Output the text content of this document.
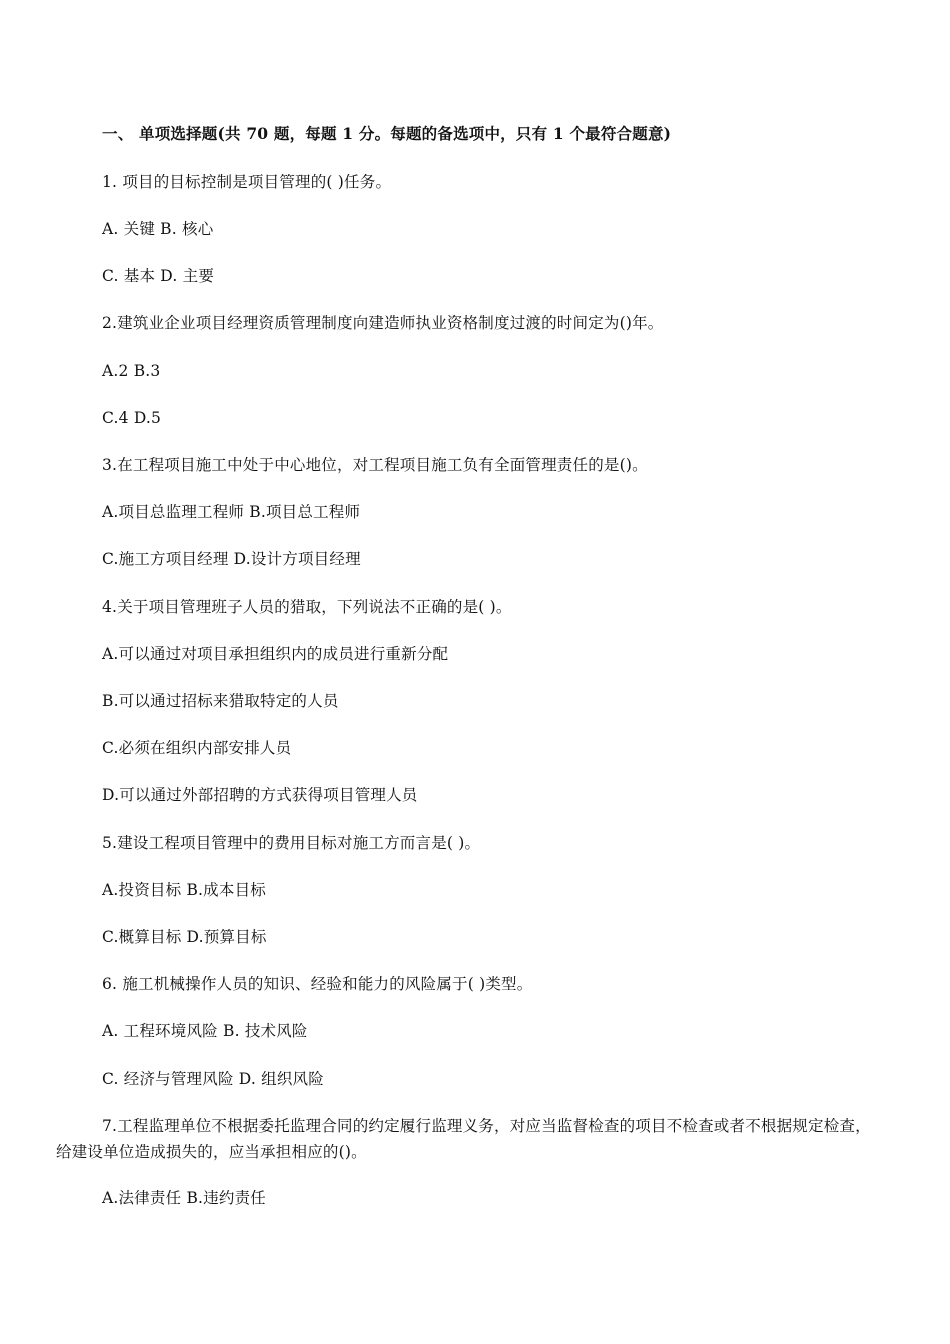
一、 单项选择题(共 70 题，每题 1 分。每题的备选项中，只有 1 个最符合题意)
1. 项目的目标控制是项目管理的( )任务。
A. 关键 B. 核心
C. 基本 D. 主要
2.建筑业企业项目经理资质管理制度向建造师执业资格制度过渡的时间定为()年。
A.2 B.3
C.4 D.5
3.在工程项目施工中处于中心地位，对工程项目施工负有全面管理责任的是()。
A.项目总监理工程师 B.项目总工程师
C.施工方项目经理 D.设计方项目经理
4.关于项目管理班子人员的猎取，下列说法不正确的是( )。
A.可以通过对项目承担组织内的成员进行重新分配
B.可以通过招标来猎取特定的人员
C.必须在组织内部安排人员
D.可以通过外部招聘的方式获得项目管理人员
5.建设工程项目管理中的费用目标对施工方而言是( )。
A.投资目标 B.成本目标
C.概算目标 D.预算目标
6. 施工机械操作人员的知识、经验和能力的风险属于( )类型。
A. 工程环境风险 B. 技术风险
C. 经济与管理风险 D. 组织风险
7.工程监理单位不根据委托监理合同的约定履行监理义务，对应当监督检查的项目不检查或者不根据规定检查，给建设单位造成损失的，应当承担相应的()。
A.法律责任 B.违约责任
